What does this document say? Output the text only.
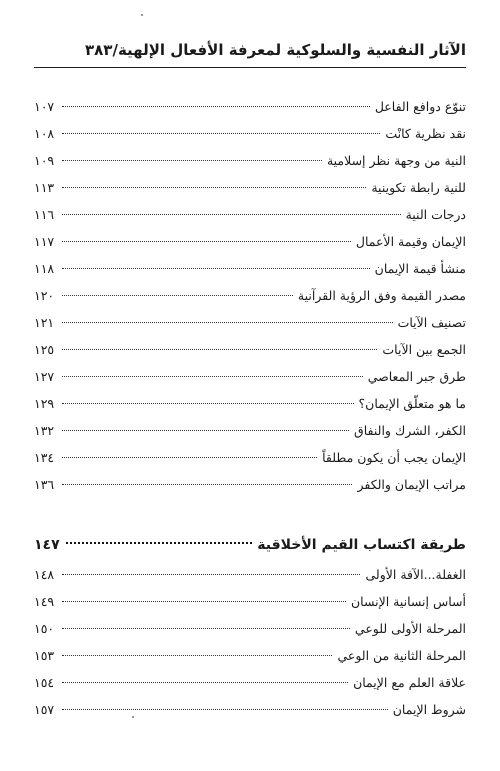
الآثار النفسية والسلوكية لمعرفة الأفعال الإلهية/٣٨٣
تنوّع دوافع الفاعل
١٠٧
نقد نظرية كانْت
١٠٨
النية من وجهة نظر إسلامية
١٠٩
للنية رابطة تكوينية
١١٣
درجات النية
١١٦
الإيمان وقيمة الأعمال
١١٧
منشأ قيمة الإيمان
١١٨
مصدر القيمة وفق الرؤية القرآنية
١٢٠
تصنيف الآيات
١٢١
الجمع بين الآيات
١٢٥
طرق جبر المعاصي
١٢٧
ما هو متعلّق الإيمان؟
١٢٩
الكفر، الشرك والنفاق
١٣٢
الإيمان يجب أن يكون مطلقاً
١٣٤
مراتب الإيمان والكفر
١٣٦
طريقة اكتساب القيم الأخلاقية
١٤٧
الغفلة...الآفة الأولى
١٤٨
أساس إنسانية الإنسان
١٤٩
المرحلة الأولى للوعي
١٥٠
المرحلة الثانية من الوعي
١٥٣
علاقة العلم مع الإيمان
١٥٤
شروط الإيمان
١٥٧
